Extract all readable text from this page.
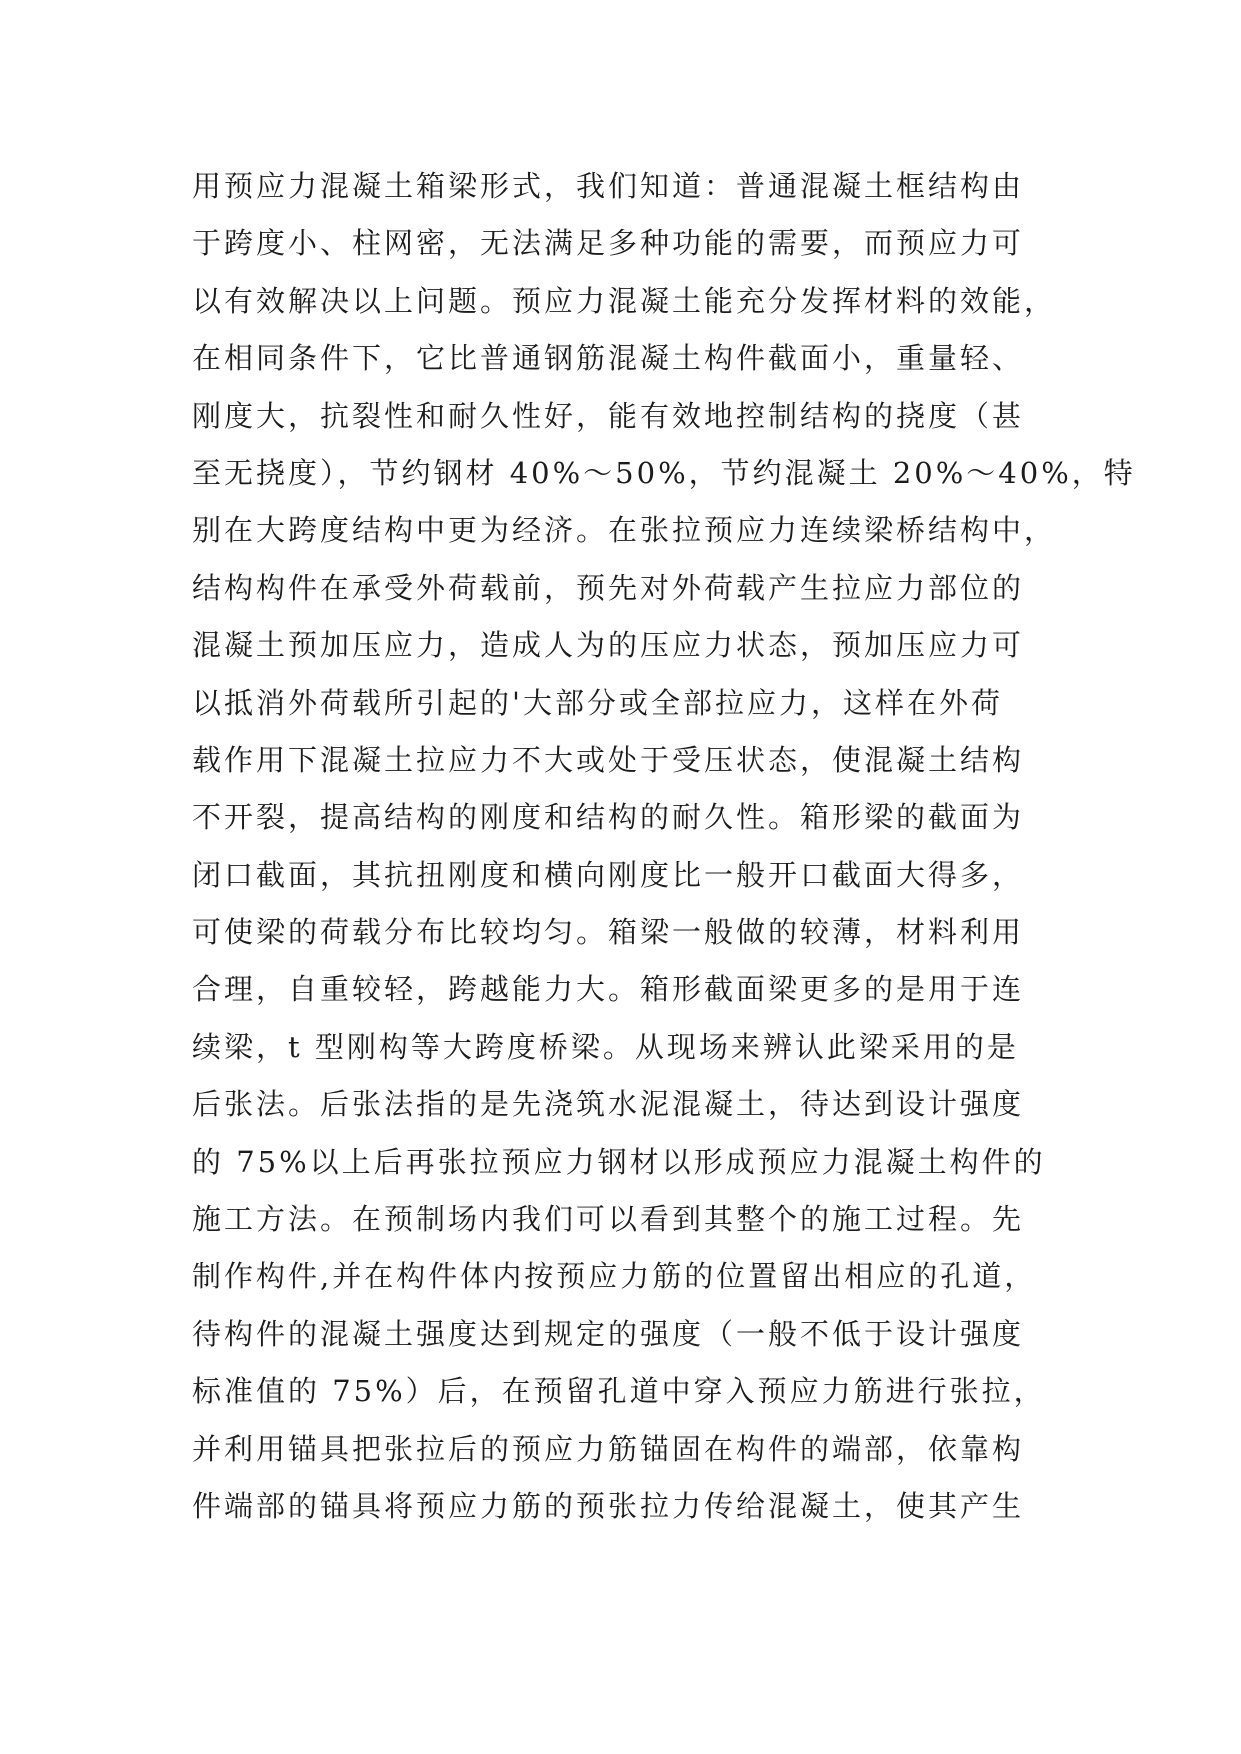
用预应力混凝土箱梁形式，我们知道：普通混凝土框结构由
于跨度小、柱网密，无法满足多种功能的需要，而预应力可
以有效解决以上问题。预应力混凝土能充分发挥材料的效能，
在相同条件下，它比普通钢筋混凝土构件截面小，重量轻、
刚度大，抗裂性和耐久性好，能有效地控制结构的挠度（甚
至无挠度），节约钢材 40%～50%，节约混凝土 20%～40%，特
别在大跨度结构中更为经济。在张拉预应力连续梁桥结构中，
结构构件在承受外荷载前，预先对外荷载产生拉应力部位的
混凝土预加压应力，造成人为的压应力状态，预加压应力可
以抵消外荷载所引起的'大部分或全部拉应力，这样在外荷
载作用下混凝土拉应力不大或处于受压状态，使混凝土结构
不开裂，提高结构的刚度和结构的耐久性。箱形梁的截面为
闭口截面，其抗扭刚度和横向刚度比一般开口截面大得多，
可使梁的荷载分布比较均匀。箱梁一般做的较薄，材料利用
合理，自重较轻，跨越能力大。箱形截面梁更多的是用于连
续梁，t 型刚构等大跨度桥梁。从现场来辨认此梁采用的是
后张法。后张法指的是先浇筑水泥混凝土，待达到设计强度
的 75%以上后再张拉预应力钢材以形成预应力混凝土构件的
施工方法。在预制场内我们可以看到其整个的施工过程。先
制作构件,并在构件体内按预应力筋的位置留出相应的孔道，
待构件的混凝土强度达到规定的强度（一般不低于设计强度
标准值的 75%）后，在预留孔道中穿入预应力筋进行张拉，
并利用锚具把张拉后的预应力筋锚固在构件的端部，依靠构
件端部的锚具将预应力筋的预张拉力传给混凝土，使其产生
